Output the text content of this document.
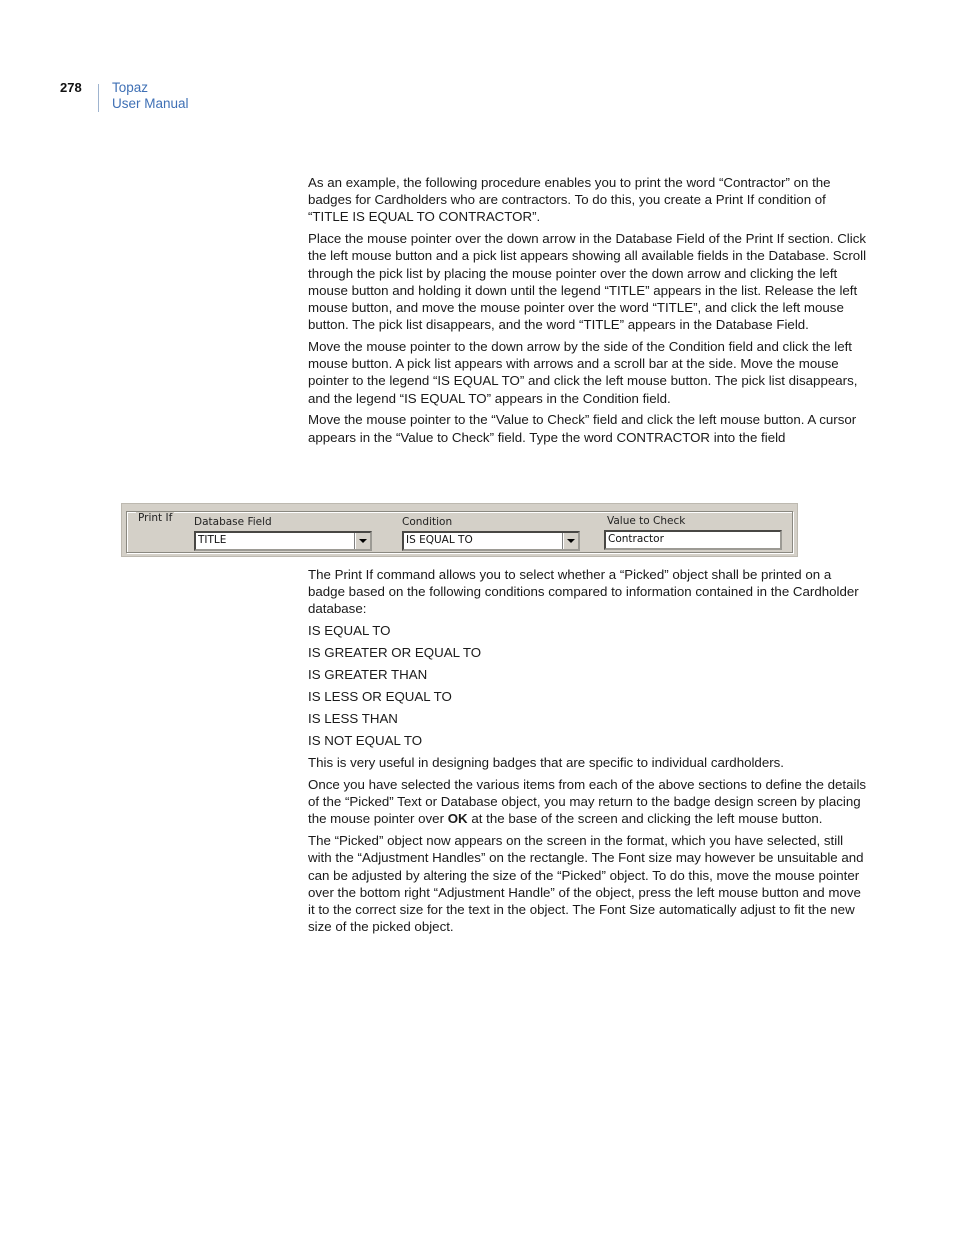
278 Topaz
User Manual

As an example, the following procedure enables you to print the word “Contractor” on the badges for Cardholders who are contractors. To do this, you create a Print If condition of “TITLE IS EQUAL TO CONTRACTOR”.

Place the mouse pointer over the down arrow in the Database Field of the Print If section. Click the left mouse button and a pick list appears showing all available fields in the Database. Scroll through the pick list by placing the mouse pointer over the down arrow and clicking the left mouse button and holding it down until the legend “TITLE” appears in the list. Release the left mouse button, and move the mouse pointer over the word “TITLE”, and click the left mouse button. The pick list disappears, and the word “TITLE” appears in the Database Field.

Move the mouse pointer to the down arrow by the side of the Condition field and click the left mouse button. A pick list appears with arrows and a scroll bar at the side. Move the mouse pointer to the legend “IS EQUAL TO” and click the left mouse button. The pick list disappears, and the legend “IS EQUAL TO” appears in the Condition field.

Move the mouse pointer to the “Value to Check” field and click the left mouse button. A cursor appears in the “Value to Check” field. Type the word CONTRACTOR into the field

Print If Database Field
TITLE
Condition
IS EQUAL TO
Value to Check
Contractor

The Print If command allows you to select whether a “Picked” object shall be printed on a badge based on the following conditions compared to information contained in the Cardholder database:

IS EQUAL TO

IS GREATER OR EQUAL TO

IS GREATER THAN

IS LESS OR EQUAL TO

IS LESS THAN

IS NOT EQUAL TO

This is very useful in designing badges that are specific to individual cardholders.

Once you have selected the various items from each of the above sections to define the details of the “Picked” Text or Database object, you may return to the badge design screen by placing the mouse pointer over OK at the base of the screen and clicking the left mouse button.

The “Picked” object now appears on the screen in the format, which you have selected, still with the “Adjustment Handles” on the rectangle. The Font size may however be unsuitable and can be adjusted by altering the size of the “Picked” object. To do this, move the mouse pointer over the bottom right “Adjustment Handle” of the object, press the left mouse button and move it to the correct size for the text in the object. The Font Size automatically adjust to fit the new size of the picked object.
